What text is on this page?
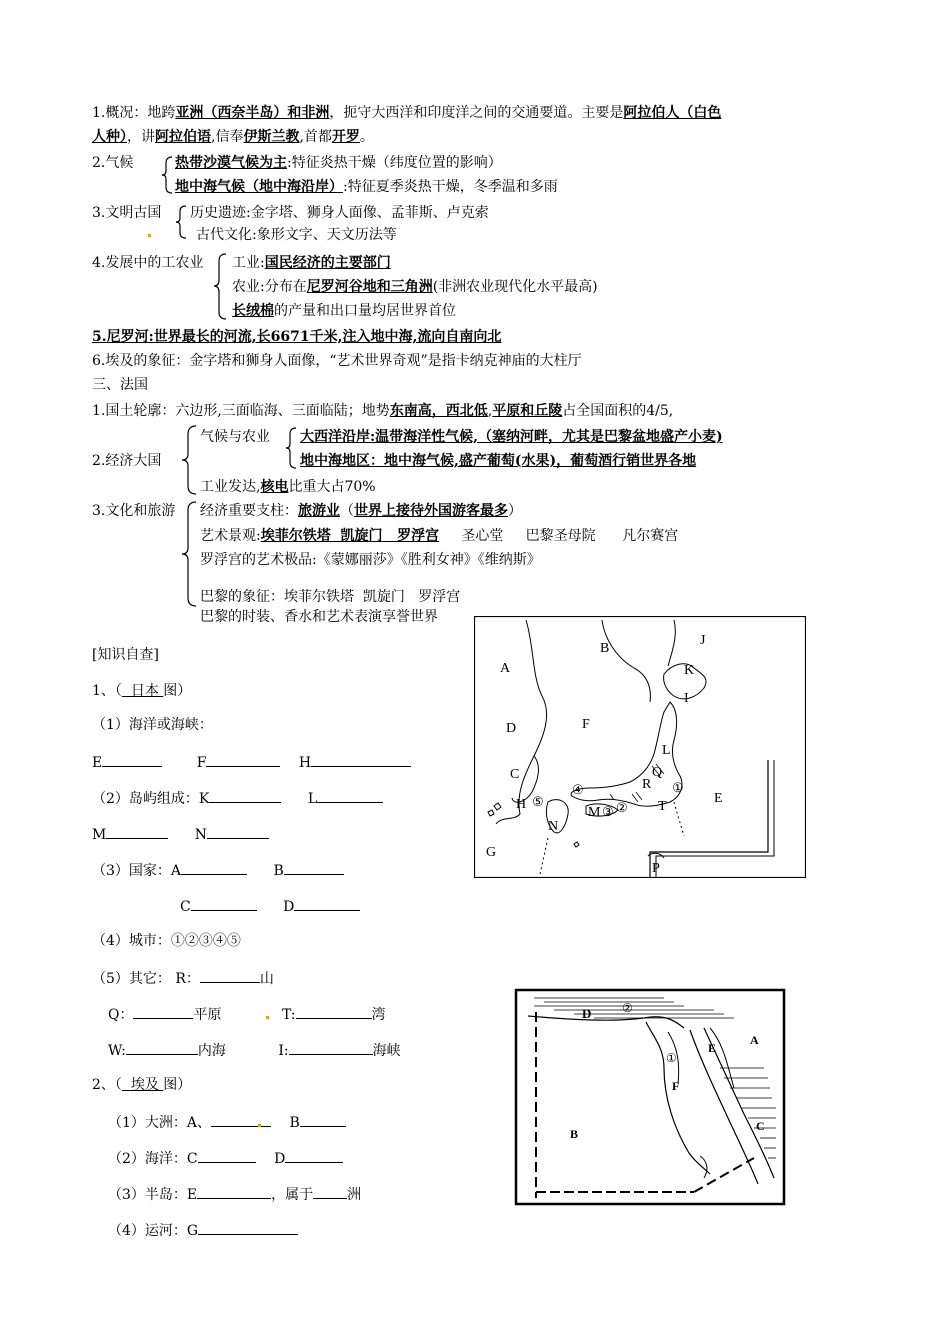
1.概况：地跨亚洲（西奈半岛）和非洲，扼守大西洋和印度洋之间的交通要道。主要是阿拉伯人（白色
人种），讲阿拉伯语,信奉伊斯兰教,首都开罗。
2.气候	热带沙漠气候为主:特征炎热干燥（纬度位置的影响）
地中海气候（地中海沿岸）:特征夏季炎热干燥，冬季温和多雨
3.文明古国 历史遗迹:金字塔、狮身人面像、孟菲斯、卢克索
古代文化:象形文字、天文历法等
4.发展中的工农业 工业:国民经济的主要部门
农业:分布在尼罗河谷地和三角洲(非洲农业现代化水平最高)
长绒棉的产量和出口量均居世界首位
5.尼罗河:世界最长的河流,长6671千米,注入地中海,流向自南向北
6.埃及的象征：金字塔和狮身人面像，“艺术世界奇观”是指卡纳克神庙的大柱厅
三、法国
1.国土轮廓：六边形,三面临海、三面临陆；地势东南高，西北低,平原和丘陵占全国面积的4/5,
2.经济大国
气候与农业 大西洋沿岸:温带海洋性气候,（塞纳河畔，尤其是巴黎盆地盛产小麦)
地中海地区：地中海气候,盛产葡萄(水果)，葡萄酒行销世界各地
工业发达,核电比重大占70%
3.文化和旅游 经济重要支柱：旅游业（世界上接待外国游客最多）
艺术景观:埃菲尔铁塔  凯旋门   罗浮宫 圣心堂     巴黎圣母院      凡尔赛宫
罗浮宫的艺术极品:《蒙娜丽莎》《胜利女神》《维纳斯》
巴黎的象征：埃菲尔铁塔  凯旋门   罗浮宫
巴黎的时装、香水和艺术表演享誉世界
[知识自查]
1、（ 日本 图）
（1）海洋或海峡：
E	F	H
（2）岛屿组成：K	L
M	N
（3）国家：A	B
C	D
（4）城市：①②③④⑤
（5）其它： R：	山
Q：	平原	T:	湾
W:	内海	I:	海峡
2、（ 埃及 图）
（1）大洲：A、	B
（2）海洋：C	D
（3）半岛：E	，属于 洲
（4）运河：G
A
B
C
D
E
F
G
H
I
J
K
L
M
N
P
Q
R
T
①
②
③
④
⑤
D	②
A
B
C
E
F
①
